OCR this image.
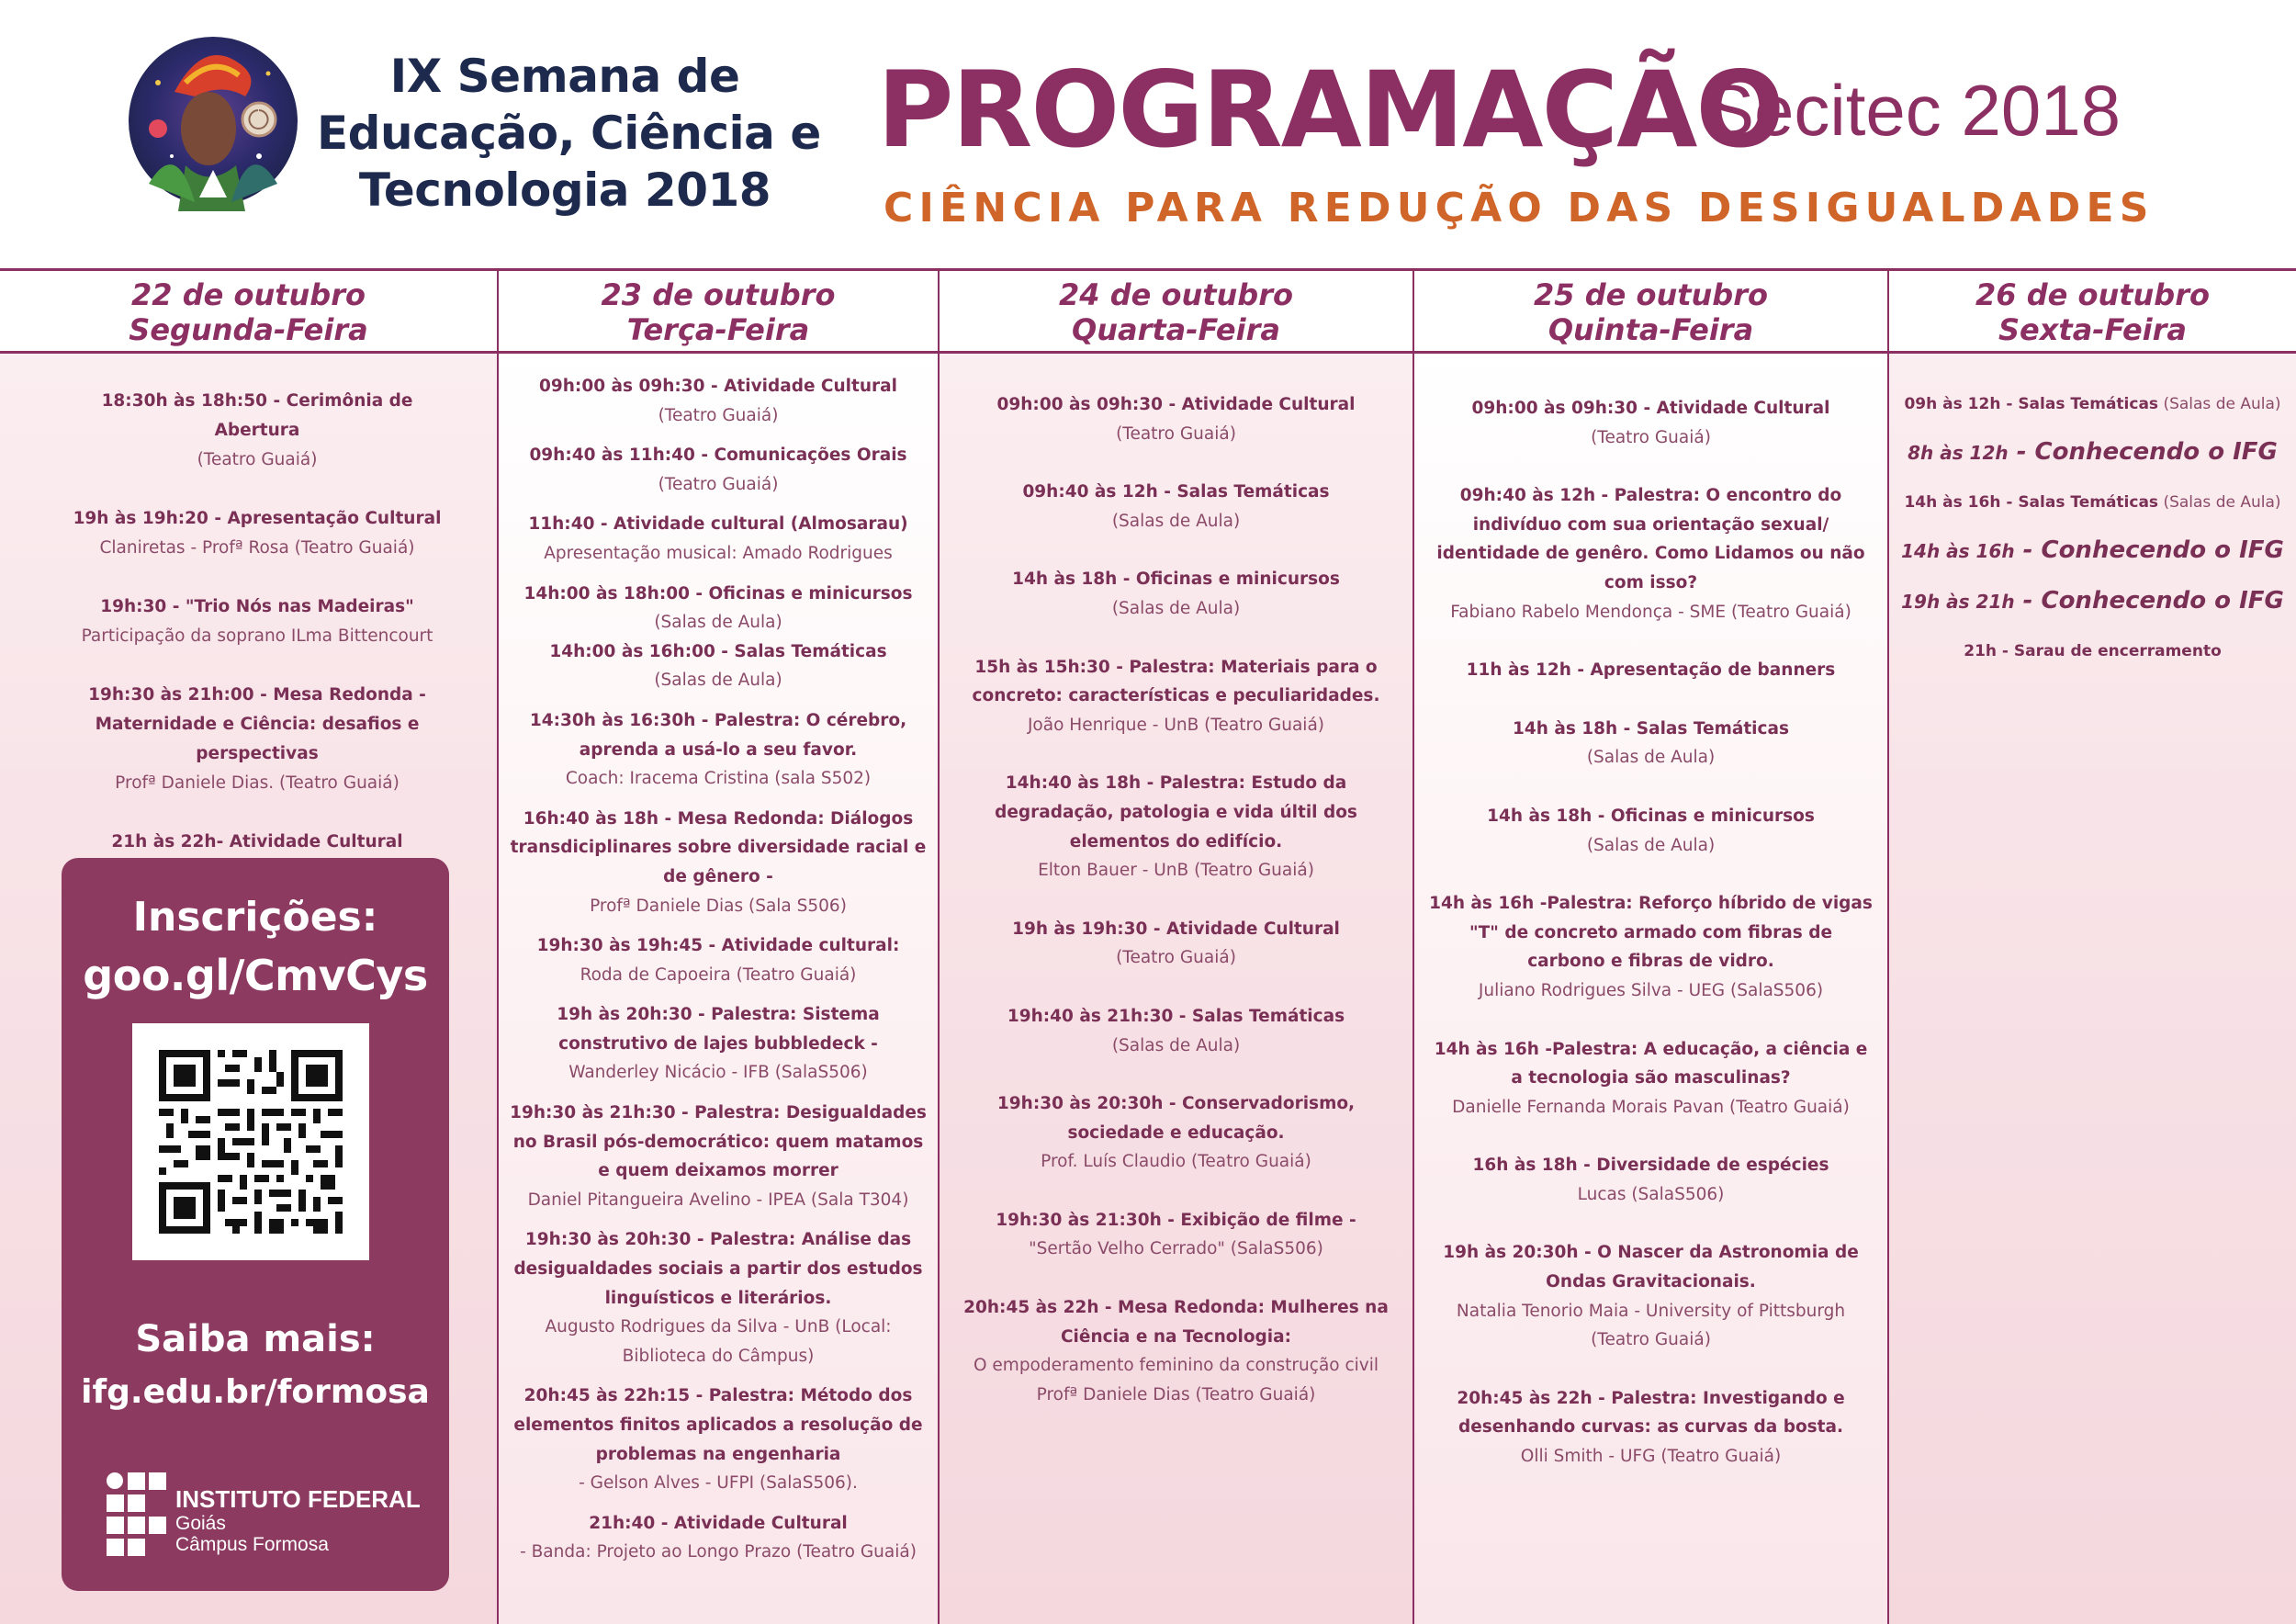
IX Semana de
Educação, Ciência e
Tecnologia 2018
PROGRAMAÇÃO
Secitec 2018
CIÊNCIA PARA REDUÇÃO DAS DESIGUALDADES
22 de outubro
Segunda-Feira
23 de outubro
Terça-Feira
24 de outubro
Quarta-Feira
25 de outubro
Quinta-Feira
26 de outubro
Sexta-Feira
18:30h às 18h:50 - Cerimônia de Abertura
(Teatro Guaiá)
19h às 19h:20 - Apresentação Cultural
Claniretas - Profª Rosa (Teatro Guaiá)
19h:30 - "Trio Nós nas Madeiras"
Participação da soprano ILma Bittencourt
19h:30 às 21h:00 - Mesa Redonda - Maternidade e Ciência: desafios e perspectivas
Profª Daniele Dias. (Teatro Guaiá)
21h às 22h- Atividade Cultural
09h:00 às 09h:30 - Atividade Cultural
(Teatro Guaiá)
09h:40 às 11h:40 - Comunicações Orais
(Teatro Guaiá)
11h:40 - Atividade cultural (Almosarau)
Apresentação musical: Amado Rodrigues
14h:00 às 18h:00 - Oficinas e minicursos
(Salas de Aula)
14h:00 às 16h:00 - Salas Temáticas
(Salas de Aula)
14:30h às 16:30h - Palestra: O cérebro, aprenda a usá-lo a seu favor.
Coach: Iracema Cristina (sala S502)
16h:40 às 18h - Mesa Redonda: Diálogos transdiciplinares sobre diversidade racial e de gênero -
Profª Daniele Dias (Sala S506)
19h:30 às 19h:45 - Atividade cultural:
Roda de Capoeira (Teatro Guaiá)
19h às 20h:30 - Palestra: Sistema construtivo de lajes bubbledeck -
Wanderley Nicácio - IFB (SalaS506)
19h:30 às 21h:30 - Palestra: Desigualdades no Brasil pós-democrático: quem matamos e quem deixamos morrer
Daniel Pitangueira Avelino - IPEA (Sala T304)
19h:30 às 20h:30 - Palestra: Análise das desigualdades sociais a partir dos estudos linguísticos e literários.
Augusto Rodrigues da Silva - UnB (Local: Biblioteca do Câmpus)
20h:45 às 22h:15 - Palestra: Método dos elementos finitos aplicados a resolução de problemas na engenharia
- Gelson Alves - UFPI (SalaS506).
21h:40 - Atividade Cultural
- Banda: Projeto ao Longo Prazo (Teatro Guaiá)
09h:00 às 09h:30 - Atividade Cultural
(Teatro Guaiá)
09h:40 às 12h - Salas Temáticas
(Salas de Aula)
14h às 18h - Oficinas e minicursos
(Salas de Aula)
15h às 15h:30 - Palestra: Materiais para o concreto: características e peculiaridades.
João Henrique - UnB (Teatro Guaiá)
14h:40 às 18h - Palestra: Estudo da degradação, patologia e vida últil dos elementos do edifício.
Elton Bauer - UnB (Teatro Guaiá)
19h às 19h:30 - Atividade Cultural
(Teatro Guaiá)
19h:40 às 21h:30 - Salas Temáticas
(Salas de Aula)
19h:30 às 20:30h - Conservadorismo, sociedade e educação.
Prof. Luís Claudio (Teatro Guaiá)
19h:30 às 21:30h - Exibição de filme -
"Sertão Velho Cerrado" (SalaS506)
20h:45 às 22h - Mesa Redonda: Mulheres na Ciência e na Tecnologia:
O empoderamento feminino da construção civil Profª Daniele Dias (Teatro Guaiá)
09h:00 às 09h:30 - Atividade Cultural
(Teatro Guaiá)
09h:40 às 12h - Palestra: O encontro do indivíduo com sua orientação sexual/ identidade de genêro. Como Lidamos ou não com isso?
Fabiano Rabelo Mendonça - SME (Teatro Guaiá)
11h às 12h - Apresentação de banners
14h às 18h - Salas Temáticas
(Salas de Aula)
14h às 18h - Oficinas e minicursos
(Salas de Aula)
14h às 16h -Palestra: Reforço híbrido de vigas "T" de concreto armado com fibras de carbono e fibras de vidro.
Juliano Rodrigues Silva - UEG (SalaS506)
14h às 16h -Palestra: A educação, a ciência e a tecnologia são masculinas?
Danielle Fernanda Morais Pavan (Teatro Guaiá)
16h às 18h - Diversidade de espécies
Lucas (SalaS506)
19h às 20:30h - O Nascer da Astronomia de Ondas Gravitacionais.
Natalia Tenorio Maia - University of Pittsburgh (Teatro Guaiá)
20h:45 às 22h - Palestra: Investigando e desenhando curvas: as curvas da bosta.
Olli Smith - UFG (Teatro Guaiá)
09h às 12h - Salas Temáticas (Salas de Aula)
8h às 12h - Conhecendo o IFG
14h às 16h - Salas Temáticas (Salas de Aula)
14h às 16h - Conhecendo o IFG
19h às 21h - Conhecendo o IFG
21h - Sarau de encerramento
Inscrições:
goo.gl/CmvCys
Saiba mais:
ifg.edu.br/formosa
INSTITUTO FEDERAL
Goiás
Câmpus Formosa
